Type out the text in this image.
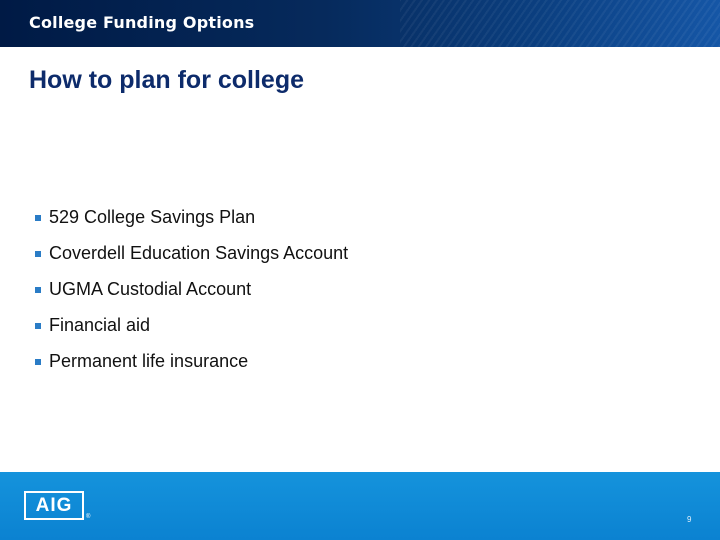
College Funding Options
How to plan for college
529 College Savings Plan
Coverdell Education Savings Account
UGMA Custodial Account
Financial aid
Permanent life insurance
AIG
®	9
